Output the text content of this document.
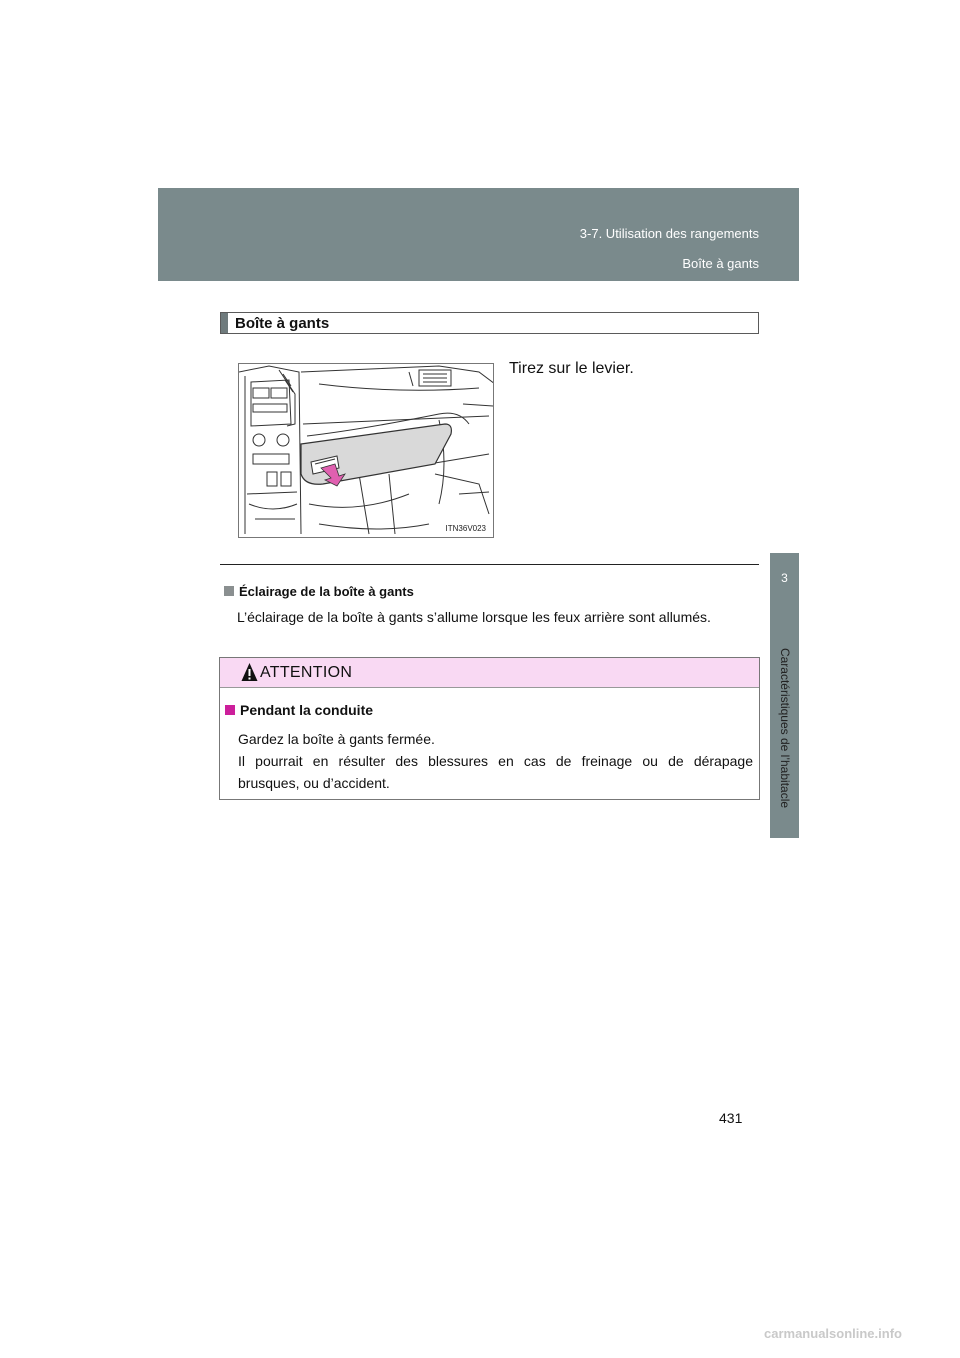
3-7. Utilisation des rangements
Boîte à gants
3
Caractéristiques de l’habitacle
Boîte à gants
ITN36V023
Tirez sur le levier.
Éclairage de la boîte à gants
L’éclairage de la boîte à gants s’allume lorsque les feux arrière sont allumés.
ATTENTION
Pendant la conduite

Gardez la boîte à gants fermée.

Il pourrait en résulter des blessures en cas de freinage ou de dérapage

brusques, ou d’accident.

431
carmanualsonline.info
